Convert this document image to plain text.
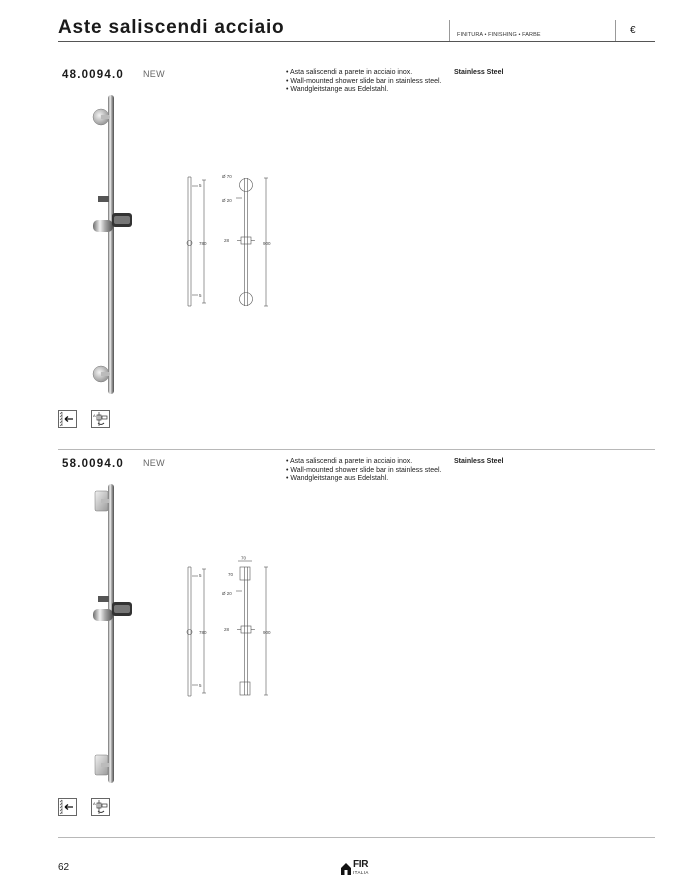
Aste saliscendi acciaio	FINITURA • FINISHING • FARBE	€
48.0094.0 NEW	• Asta saliscendi a parete in acciaio inox.
• Wall-mounted shower slide bar in stainless steel.
• Wandgleitstange aus Edelstahl.
Stainless Steel
5
5
780
Ø 70
Ø 20
28
900
A
58.0094.0 NEW	• Asta saliscendi a parete in acciaio inox.
• Wall-mounted shower slide bar in stainless steel.
• Wandgleitstange aus Edelstahl.
Stainless Steel
70
70
5
5
780
Ø 20
28
900
A
62	FIR
ITALIA
